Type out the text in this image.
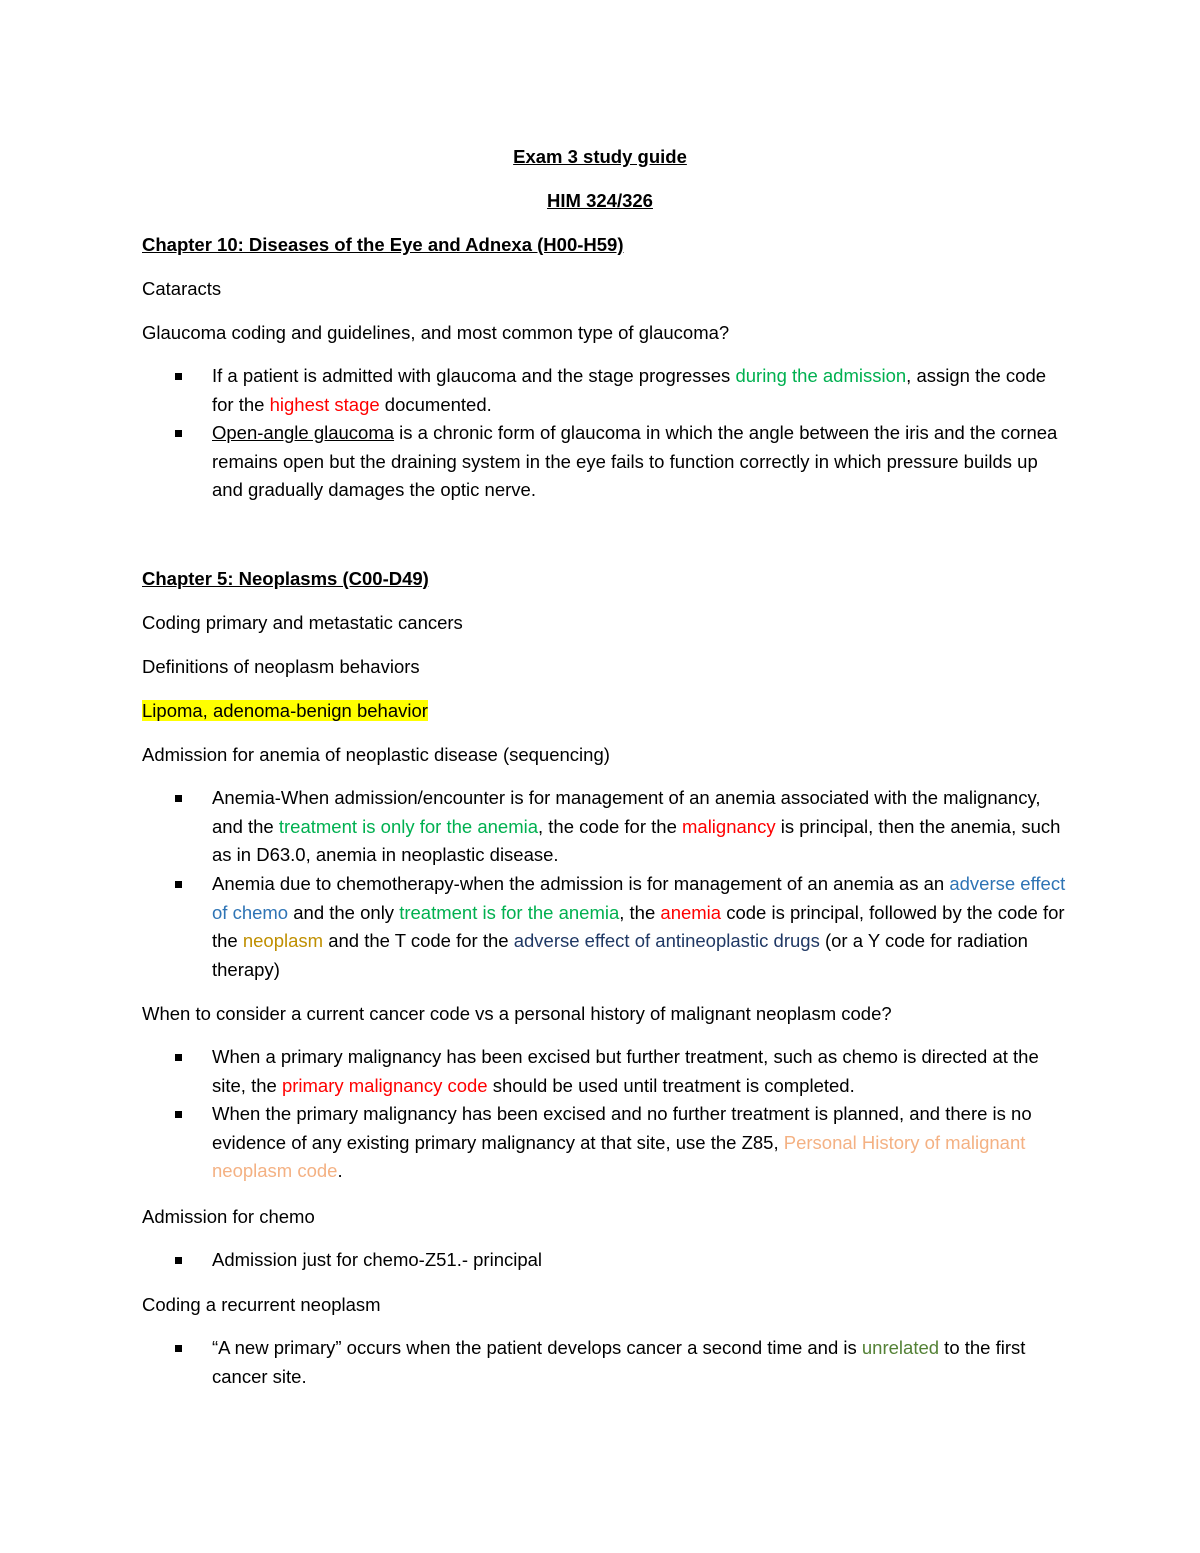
Exam 3 study guide
HIM 324/326
Chapter 10: Diseases of the Eye and Adnexa (H00-H59)
Cataracts
Glaucoma coding and guidelines, and most common type of glaucoma?
If a patient is admitted with glaucoma and the stage progresses during the admission, assign the code for the highest stage documented.
Open-angle glaucoma is a chronic form of glaucoma in which the angle between the iris and the cornea remains open but the draining system in the eye fails to function correctly in which pressure builds up and gradually damages the optic nerve.
Chapter 5: Neoplasms (C00-D49)
Coding primary and metastatic cancers
Definitions of neoplasm behaviors
Lipoma, adenoma-benign behavior
Admission for anemia of neoplastic disease (sequencing)
Anemia-When admission/encounter is for management of an anemia associated with the malignancy, and the treatment is only for the anemia, the code for the malignancy is principal, then the anemia, such as in D63.0, anemia in neoplastic disease.
Anemia due to chemotherapy-when the admission is for management of an anemia as an adverse effect of chemo and the only treatment is for the anemia, the anemia code is principal, followed by the code for the neoplasm and the T code for the adverse effect of antineoplastic drugs (or a Y code for radiation therapy)
When to consider a current cancer code vs a personal history of malignant neoplasm code?
When a primary malignancy has been excised but further treatment, such as chemo is directed at the site, the primary malignancy code should be used until treatment is completed.
When the primary malignancy has been excised and no further treatment is planned, and there is no evidence of any existing primary malignancy at that site, use the Z85, Personal History of malignant neoplasm code.
Admission for chemo
Admission just for chemo-Z51.- principal
Coding a recurrent neoplasm
“A new primary” occurs when the patient develops cancer a second time and is unrelated to the first cancer site.
